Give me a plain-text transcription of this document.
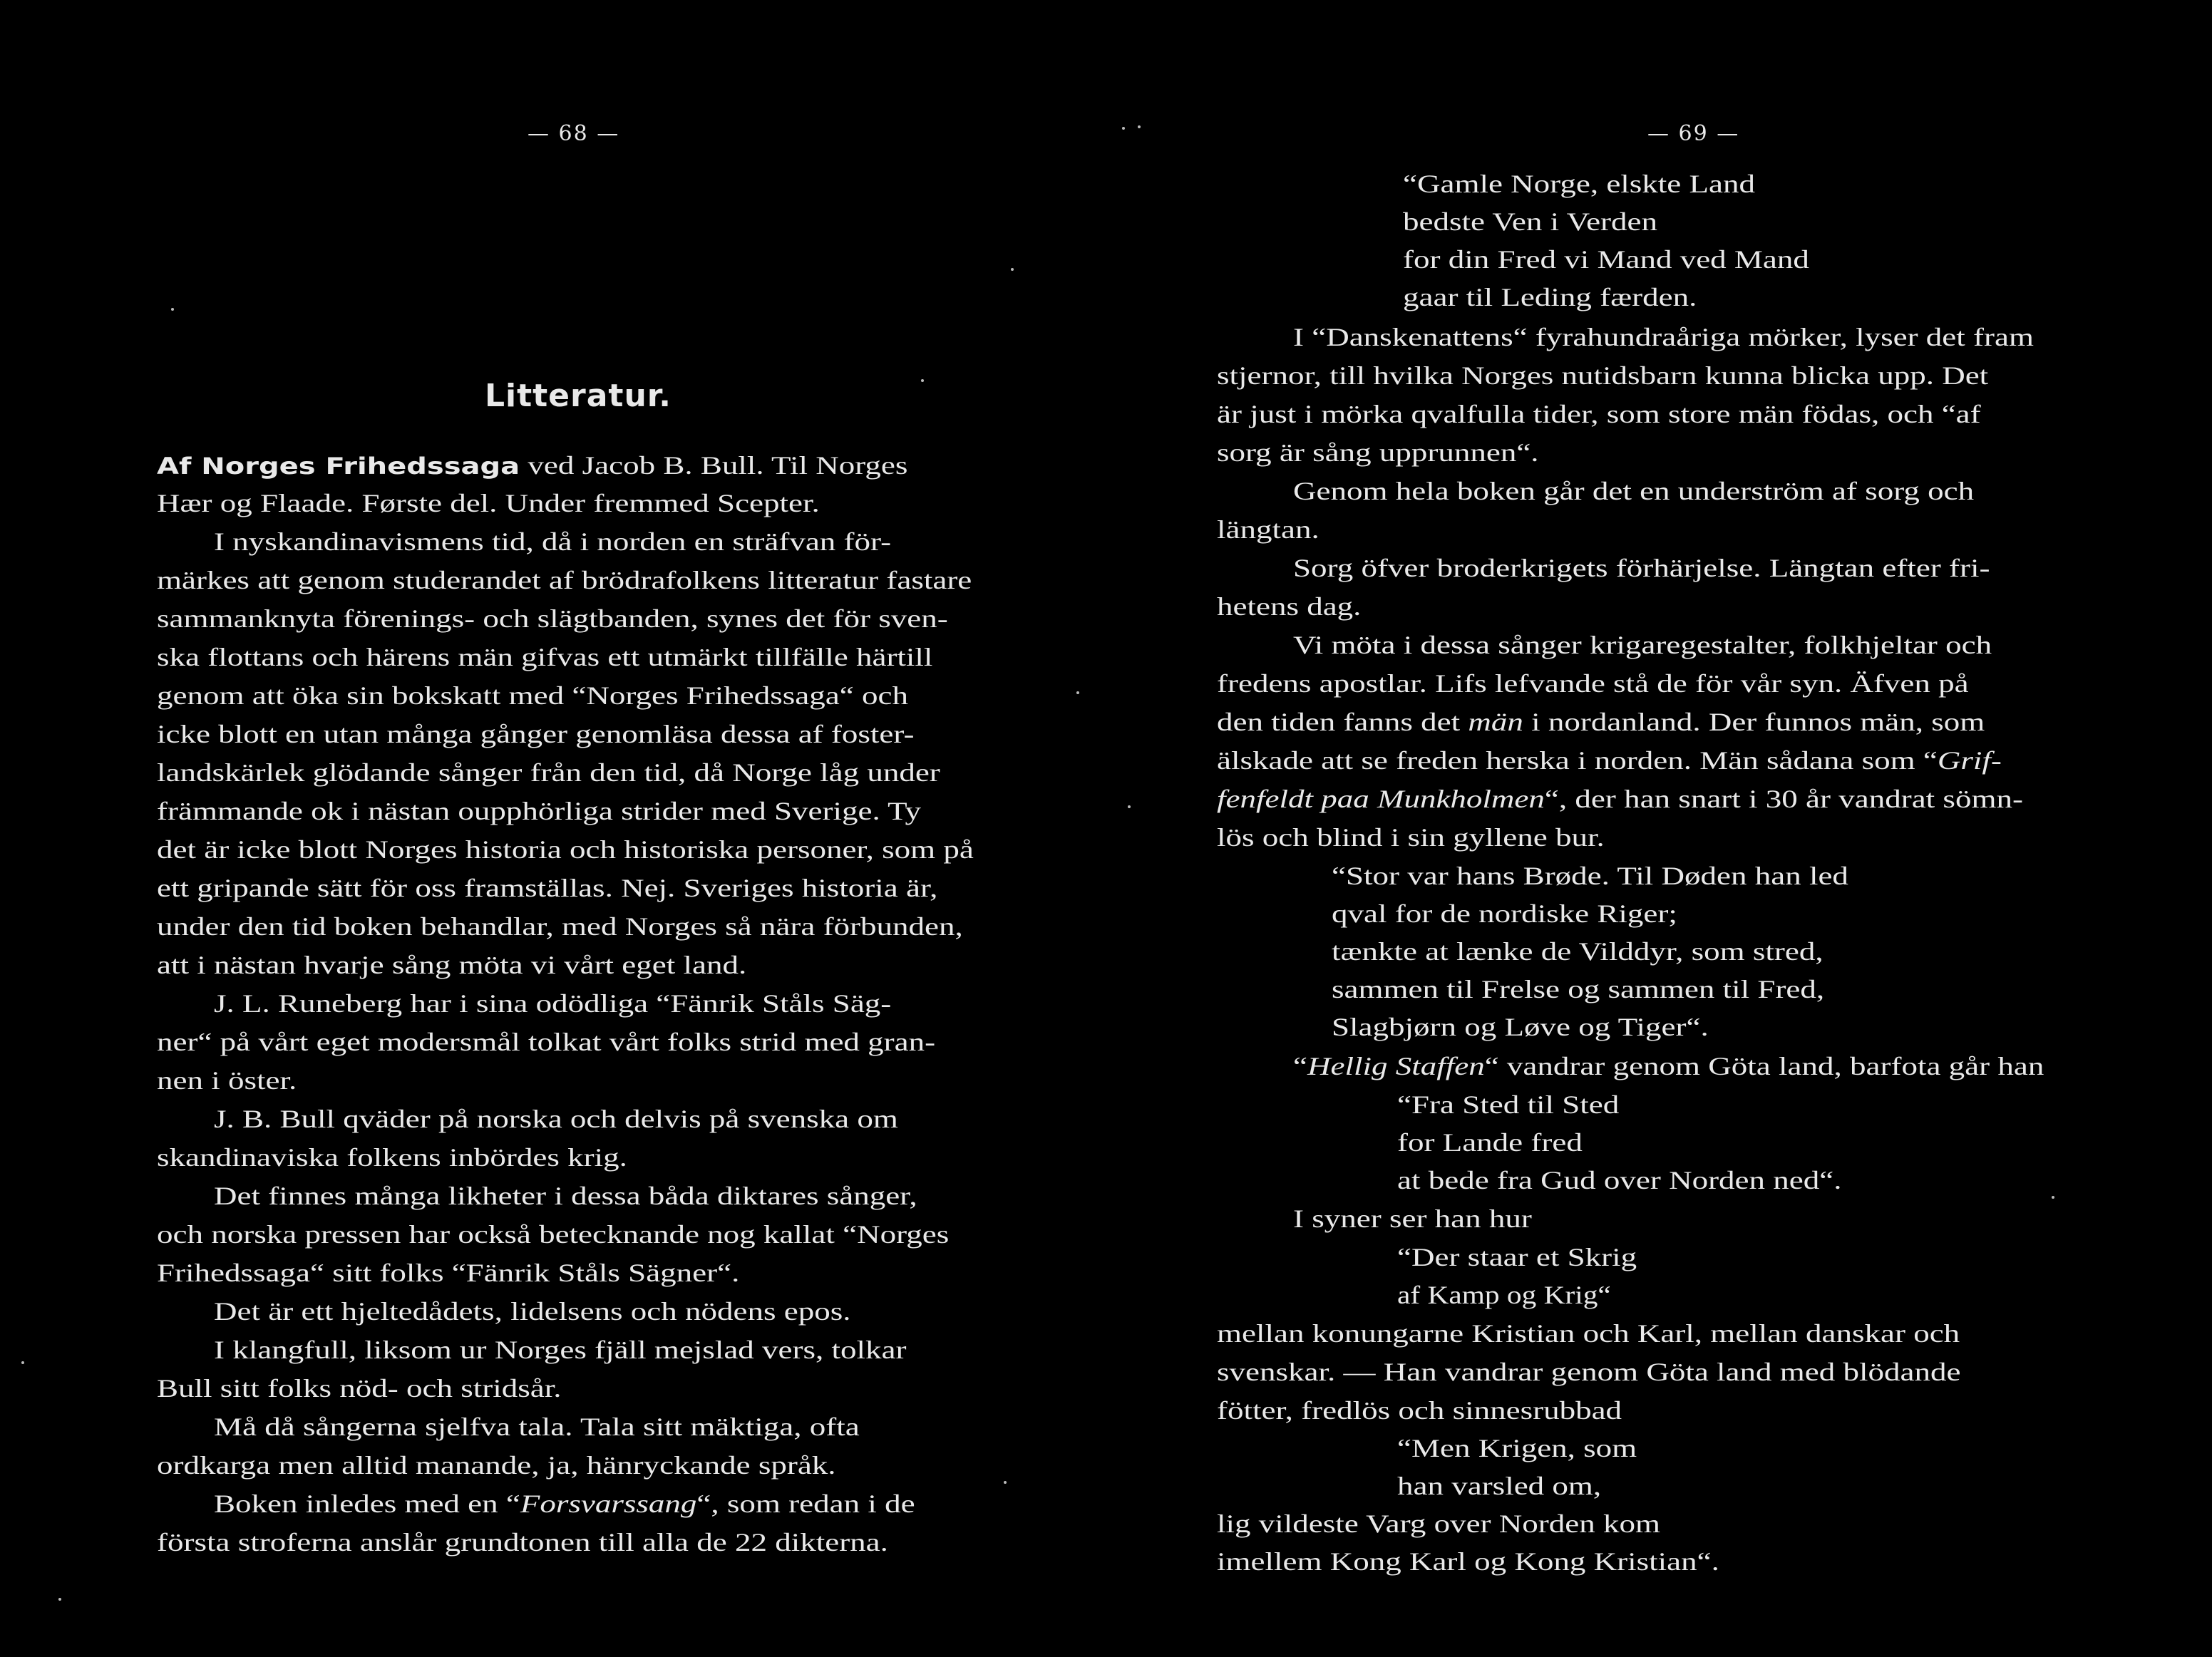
— 68 —
Litteratur.
Af Norges Frihedssaga ved Jacob B. Bull. Til Norges
Hær og Flaade. Første del. Under fremmed Scepter.
I nyskandinavismens tid, då i norden en sträfvan för-
märkes att genom studerandet af brödrafolkens litteratur fastare
sammanknyta förenings- och slägtbanden, synes det för sven-
ska flottans och härens män gifvas ett utmärkt tillfälle härtill
genom att öka sin bokskatt med “Norges Frihedssaga“ och
icke blott en utan många gånger genomläsa dessa af foster-
landskärlek glödande sånger från den tid, då Norge låg under
främmande ok i nästan oupphörliga strider med Sverige. Ty
det är icke blott Norges historia och historiska personer, som på
ett gripande sätt för oss framställas. Nej. Sveriges historia är,
under den tid boken behandlar, med Norges så nära förbunden,
att i nästan hvarje sång möta vi vårt eget land.
J. L. Runeberg har i sina odödliga “Fänrik Ståls Säg-
ner“ på vårt eget modersmål tolkat vårt folks strid med gran-
nen i öster.
J. B. Bull qväder på norska och delvis på svenska om
skandinaviska folkens inbördes krig.
Det finnes många likheter i dessa båda diktares sånger,
och norska pressen har också betecknande nog kallat “Norges
Frihedssaga“ sitt folks “Fänrik Ståls Sägner“.
Det är ett hjeltedådets, lidelsens och nödens epos.
I klangfull, liksom ur Norges fjäll mejslad vers, tolkar
Bull sitt folks nöd- och stridsår.
Må då sångerna sjelfva tala. Tala sitt mäktiga, ofta
ordkarga men alltid manande, ja, hänryckande språk.
Boken inledes med en “Forsvarssang“, som redan i de
första stroferna anslår grundtonen till alla de 22 dikterna.
— 69 —
“Gamle Norge, elskte Land
bedste Ven i Verden
for din Fred vi Mand ved Mand
gaar til Leding færden.
I “Danskenattens“ fyrahundraåriga mörker, lyser det fram
stjernor, till hvilka Norges nutidsbarn kunna blicka upp. Det
är just i mörka qvalfulla tider, som store män födas, och “af
sorg är sång upprunnen“.
Genom hela boken går det en underström af sorg och
längtan.
Sorg öfver broderkrigets förhärjelse. Längtan efter fri-
hetens dag.
Vi möta i dessa sånger krigaregestalter, folkhjeltar och
fredens apostlar. Lifs lefvande stå de för vår syn. Äfven på
den tiden fanns det män i nordanland. Der funnos män, som
älskade att se freden herska i norden. Män sådana som “Grif-
fenfeldt paa Munkholmen“, der han snart i 30 år vandrat sömn-
lös och blind i sin gyllene bur.
“Stor var hans Brøde. Til Døden han led
qval for de nordiske Riger;
tænkte at lænke de Vilddyr, som stred,
sammen til Frelse og sammen til Fred,
Slagbjørn og Løve og Tiger“.
“Hellig Staffen“ vandrar genom Göta land, barfota går han
“Fra Sted til Sted
for Lande fred
at bede fra Gud over Norden ned“.
I syner ser han hur
“Der staar et Skrig
af Kamp og Krig“
mellan konungarne Kristian och Karl, mellan danskar och
svenskar. — Han vandrar genom Göta land med blödande
fötter, fredlös och sinnesrubbad
“Men Krigen, som
han varsled om,
lig vildeste Varg over Norden kom
imellem Kong Karl og Kong Kristian“.
